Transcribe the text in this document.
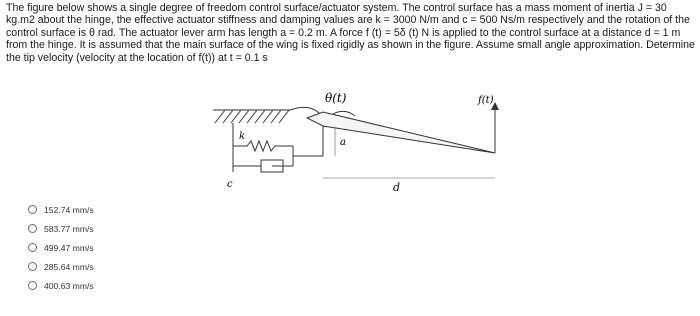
The figure below shows a single degree of freedom control surface/actuator system. The control surface has a mass moment of inertia J = 30 kg.m2 about the hinge, the effective actuator stiffness and damping values are k = 3000 N/m and c = 500 Ns/m respectively and the rotation of the control surface is θ rad. The actuator lever arm has length a = 0.2 m. A force f (t) = 5δ (t) N is applied to the control surface at a distance d = 1 m from the hinge. It is assumed that the main surface of the wing is fixed rigidly as shown in the figure. Assume small angle approximation. Determine the tip velocity (velocity at the location of f(t)) at t = 0.1 s
θ(t)	f(t)
k
c
a
d
152.74 mm/s
583.77 mm/s
499.47 mm/s
285.64 mm/s
400.63 mm/s
